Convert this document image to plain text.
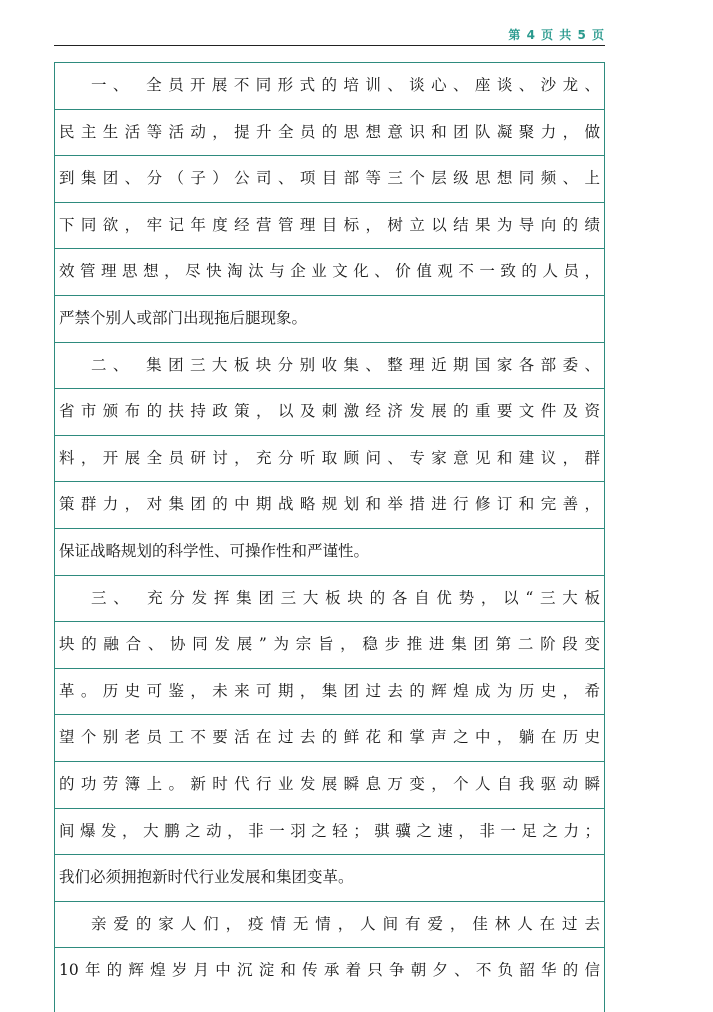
第 4 页 共 5 页
一、 全员开展不同形式的培训、谈心、座谈、沙龙、
民主生活等活动，提升全员的思想意识和团队凝聚力，做
到集团、分（子）公司、项目部等三个层级思想同频、上
下同欲，牢记年度经营管理目标，树立以结果为导向的绩
效管理思想，尽快淘汰与企业文化、价值观不一致的人员，
严禁个别人或部门出现拖后腿现象。
二、 集团三大板块分别收集、整理近期国家各部委、
省市颁布的扶持政策，以及刺激经济发展的重要文件及资
料，开展全员研讨，充分听取顾问、专家意见和建议，群
策群力，对集团的中期战略规划和举措进行修订和完善，
保证战略规划的科学性、可操作性和严谨性。
三、 充分发挥集团三大板块的各自优势，以“三大板
块的融合、协同发展”为宗旨，稳步推进集团第二阶段变
革。历史可鉴，未来可期，集团过去的辉煌成为历史，希
望个别老员工不要活在过去的鲜花和掌声之中，躺在历史
的功劳簿上。新时代行业发展瞬息万变，个人自我驱动瞬
间爆发，大鹏之动，非一羽之轻；骐骥之速，非一足之力；
我们必须拥抱新时代行业发展和集团变革。
亲爱的家人们，疫情无情，人间有爱，佳林人在过去
10年的辉煌岁月中沉淀和传承着只争朝夕、不负韶华的信
